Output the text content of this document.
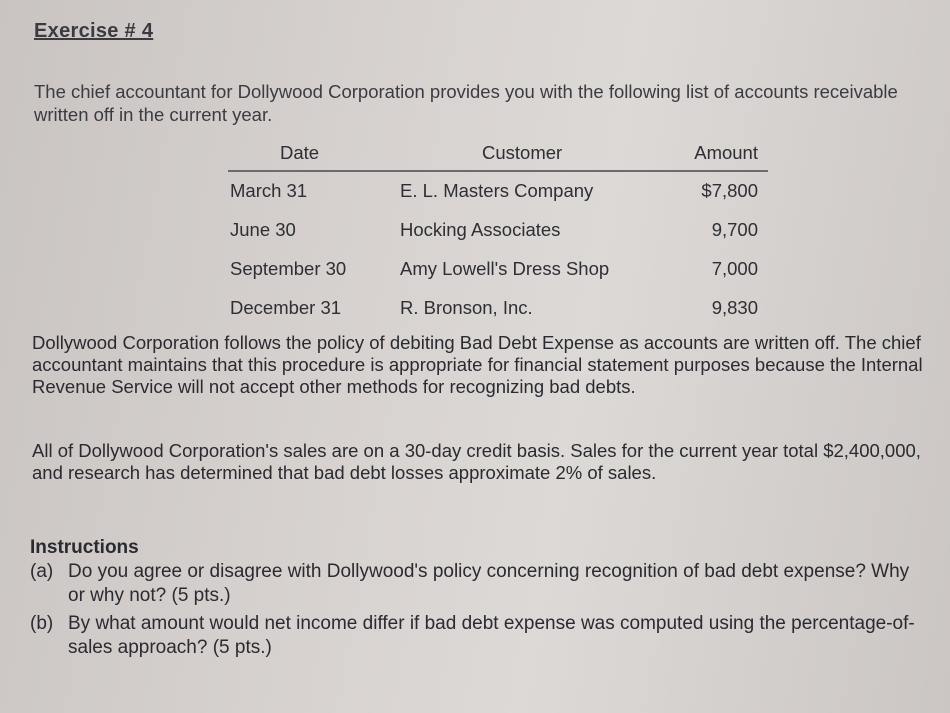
Exercise # 4
The chief accountant for Dollywood Corporation provides you with the following list of accounts receivable written off in the current year.
Date	Customer	Amount
March 31	E. L. Masters Company	$7,800
June 30	Hocking Associates	9,700
September 30	Amy Lowell's Dress Shop	7,000
December 31	R. Bronson, Inc.	9,830
Dollywood Corporation follows the policy of debiting Bad Debt Expense as accounts are written off. The chief accountant maintains that this procedure is appropriate for financial statement purposes because the Internal Revenue Service will not accept other methods for recognizing bad debts.
All of Dollywood Corporation's sales are on a 30-day credit basis. Sales for the current year total $2,400,000, and research has determined that bad debt losses approximate 2% of sales.
Instructions
(a) Do you agree or disagree with Dollywood's policy concerning recognition of bad debt expense? Why or why not? (5 pts.)
(b) By what amount would net income differ if bad debt expense was computed using the percentage-of-sales approach? (5 pts.)
